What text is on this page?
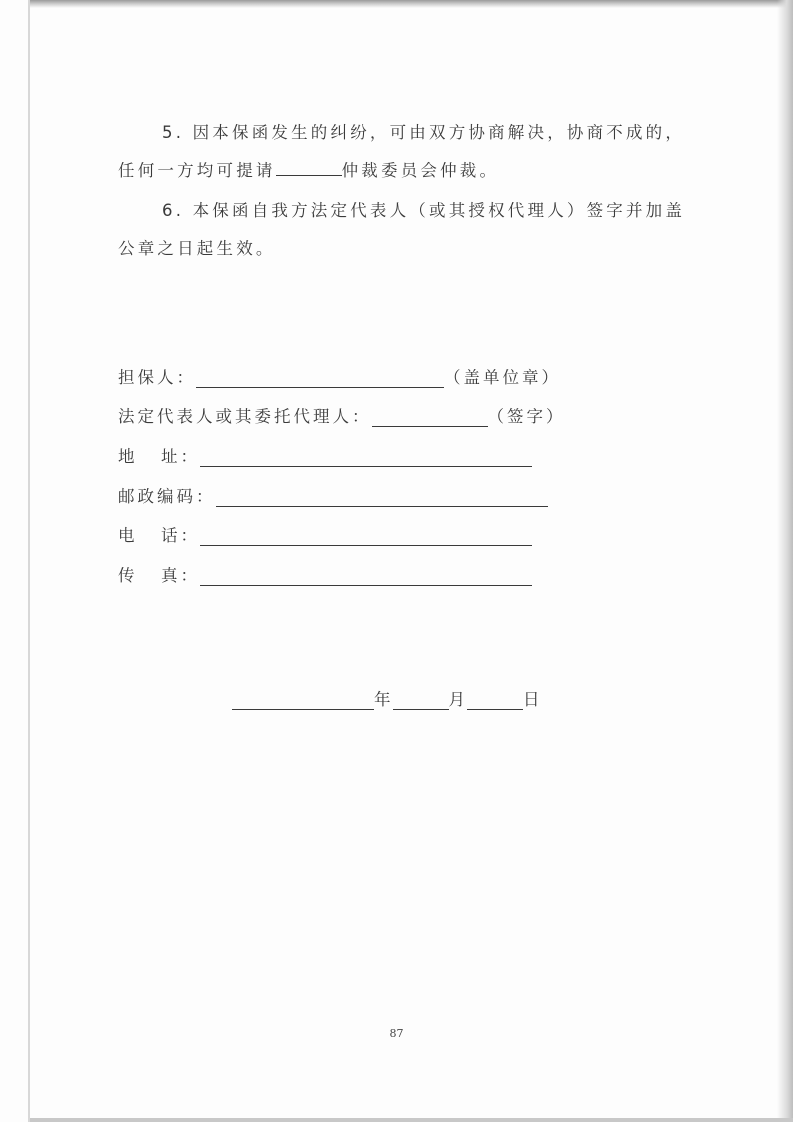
5. 因本保函发生的纠纷，可由双方协商解决，协商不成的，任何一方均可提请	仲裁委员会仲裁。

6. 本保函自我方法定代表人（或其授权代理人）签字并加盖公章之日起生效。

担保人：	（盖单位章）
法定代表人或其委托代理人：	（签字）
地 址：
邮政编码：
电 话：
传 真：
年	月	日
87
